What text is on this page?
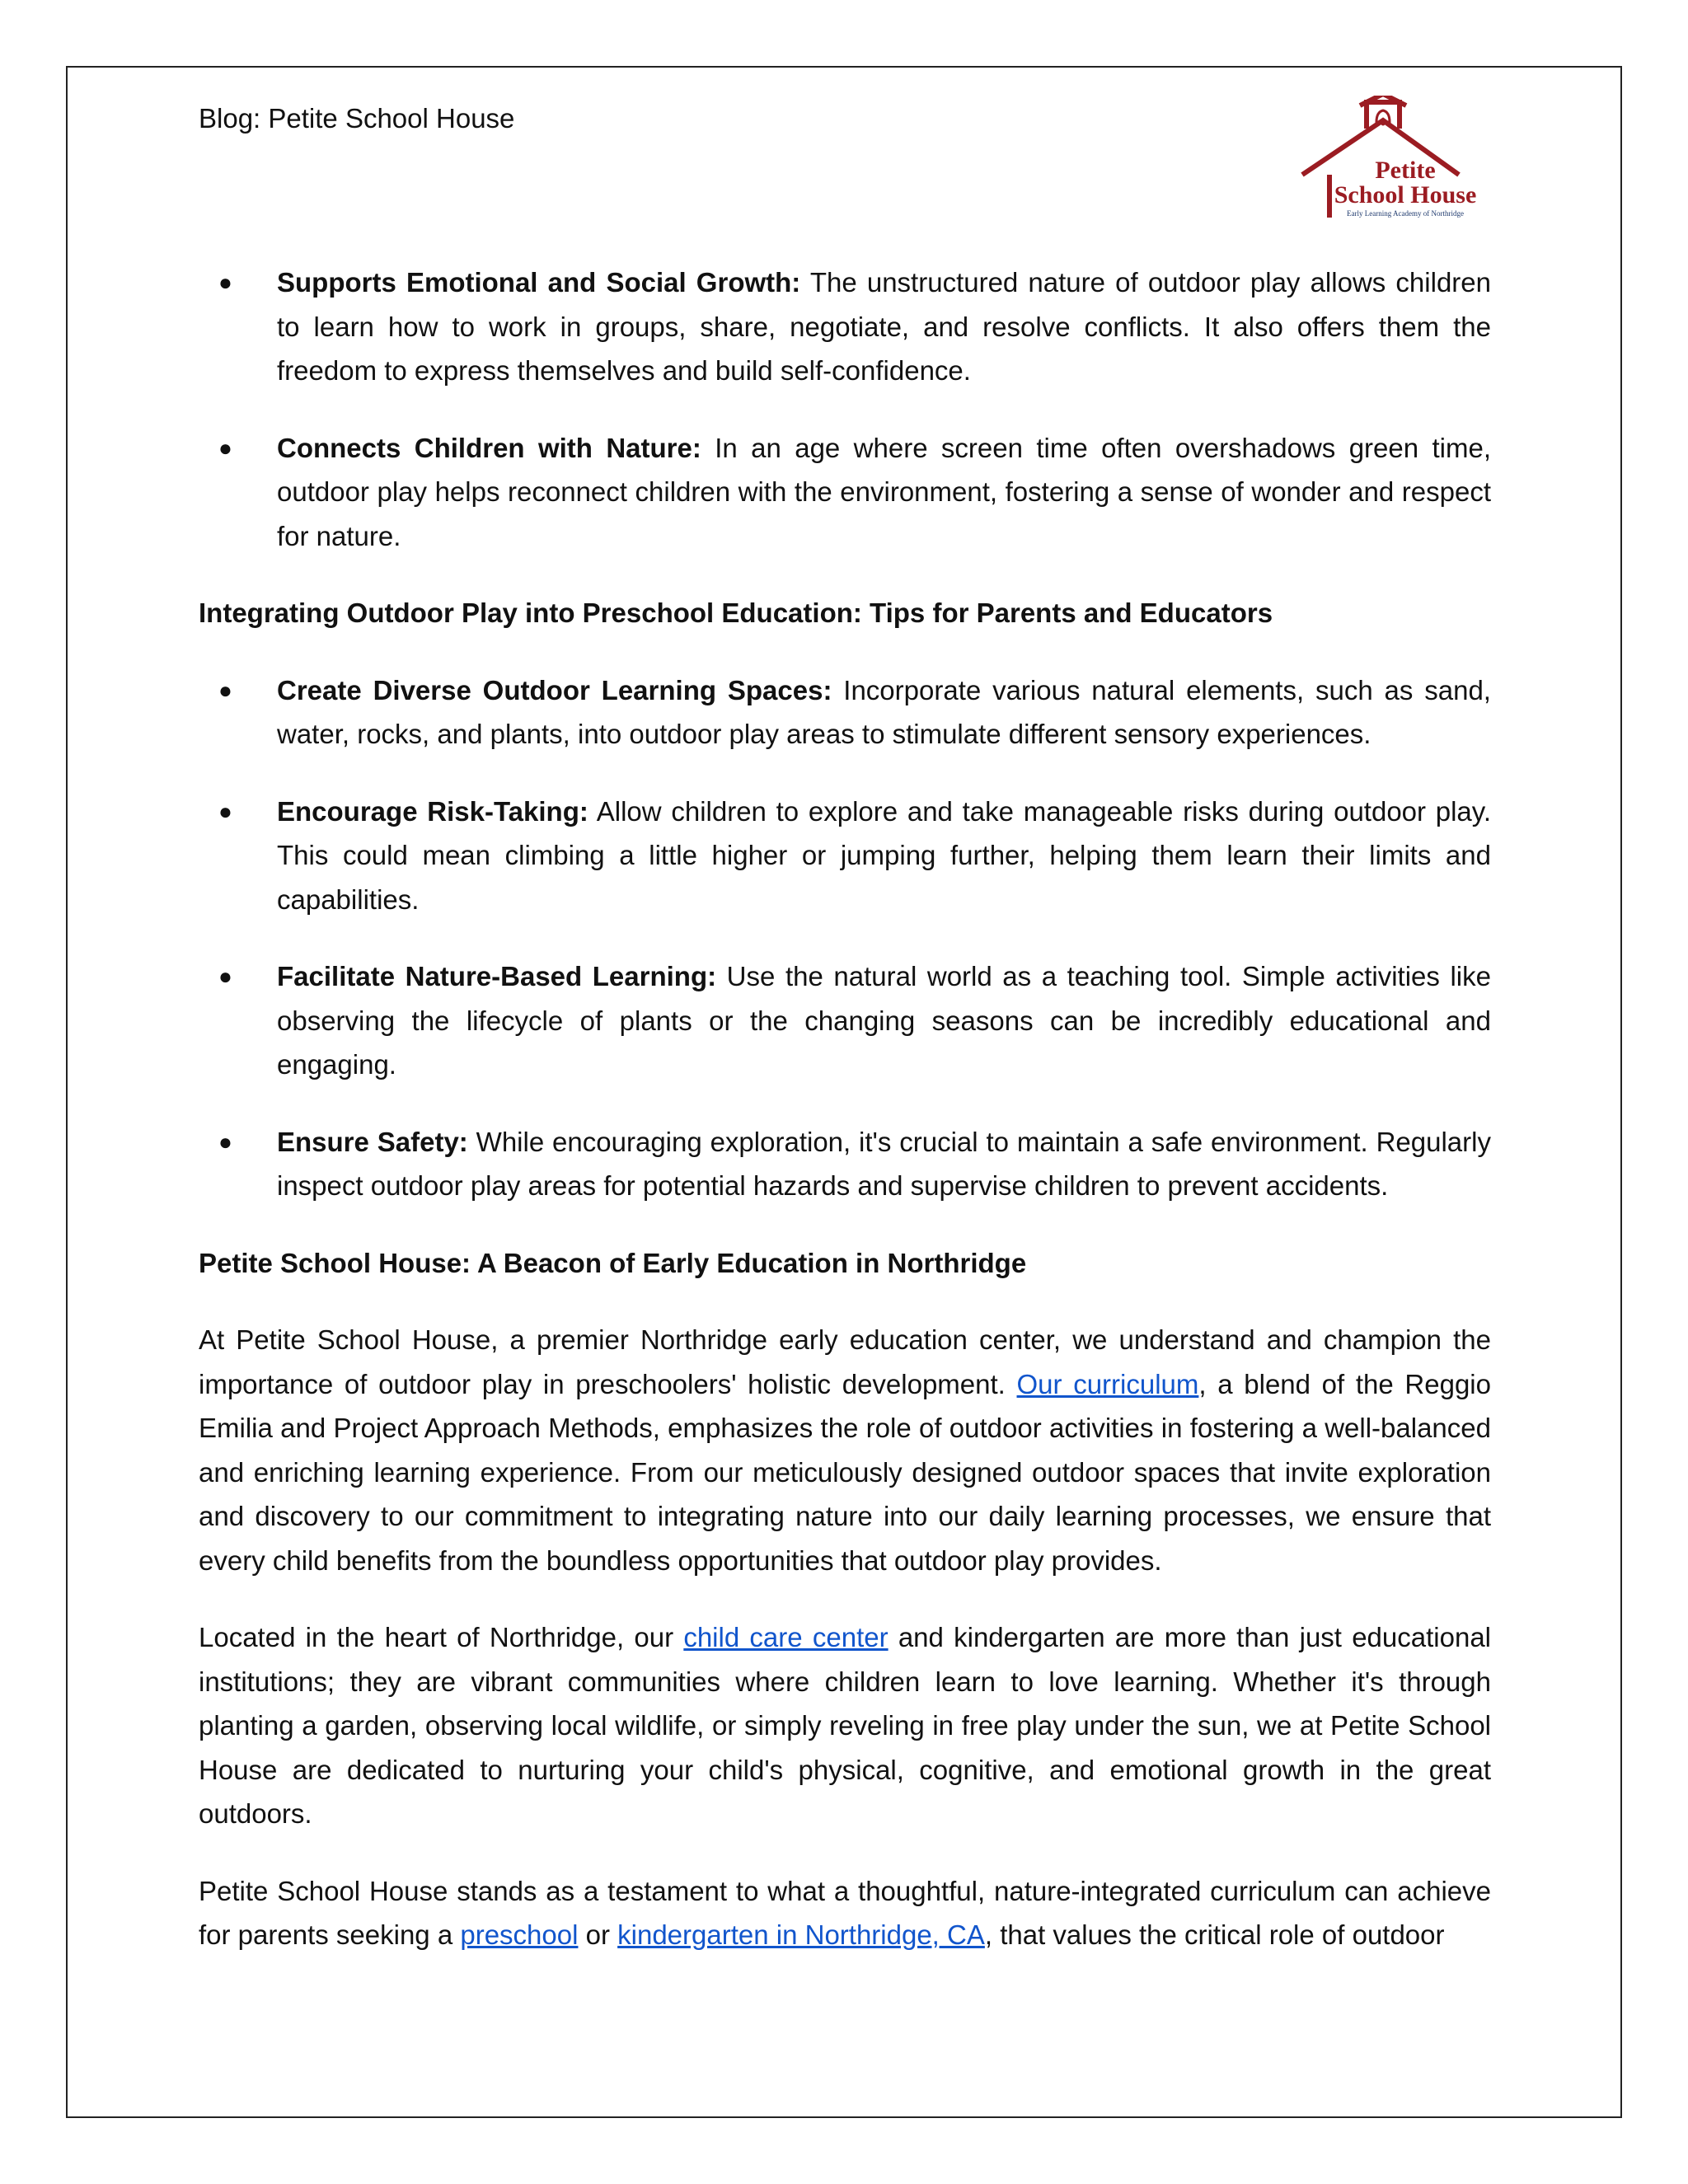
Blog: Petite School House
Petite
School House
Early Learning Academy of Northridge

● Supports Emotional and Social Growth: The unstructured nature of outdoor play allows children to learn how to work in groups, share, negotiate, and resolve conflicts. It also offers them the freedom to express themselves and build self-confidence.

● Connects Children with Nature: In an age where screen time often overshadows green time, outdoor play helps reconnect children with the environment, fostering a sense of wonder and respect for nature.

Integrating Outdoor Play into Preschool Education: Tips for Parents and Educators

● Create Diverse Outdoor Learning Spaces: Incorporate various natural elements, such as sand, water, rocks, and plants, into outdoor play areas to stimulate different sensory experiences.

● Encourage Risk-Taking: Allow children to explore and take manageable risks during outdoor play. This could mean climbing a little higher or jumping further, helping them learn their limits and capabilities.

● Facilitate Nature-Based Learning: Use the natural world as a teaching tool. Simple activities like observing the lifecycle of plants or the changing seasons can be incredibly educational and engaging.

● Ensure Safety: While encouraging exploration, it's crucial to maintain a safe environment. Regularly inspect outdoor play areas for potential hazards and supervise children to prevent accidents.

Petite School House: A Beacon of Early Education in Northridge

At Petite School House, a premier Northridge early education center, we understand and champion the importance of outdoor play in preschoolers' holistic development. Our curriculum, a blend of the Reggio Emilia and Project Approach Methods, emphasizes the role of outdoor activities in fostering a well-balanced and enriching learning experience. From our meticulously designed outdoor spaces that invite exploration and discovery to our commitment to integrating nature into our daily learning processes, we ensure that every child benefits from the boundless opportunities that outdoor play provides.

Located in the heart of Northridge, our child care center and kindergarten are more than just educational institutions; they are vibrant communities where children learn to love learning. Whether it's through planting a garden, observing local wildlife, or simply reveling in free play under the sun, we at Petite School House are dedicated to nurturing your child's physical, cognitive, and emotional growth in the great outdoors.

Petite School House stands as a testament to what a thoughtful, nature-integrated curriculum can achieve for parents seeking a preschool or kindergarten in Northridge, CA, that values the critical role of outdoor
